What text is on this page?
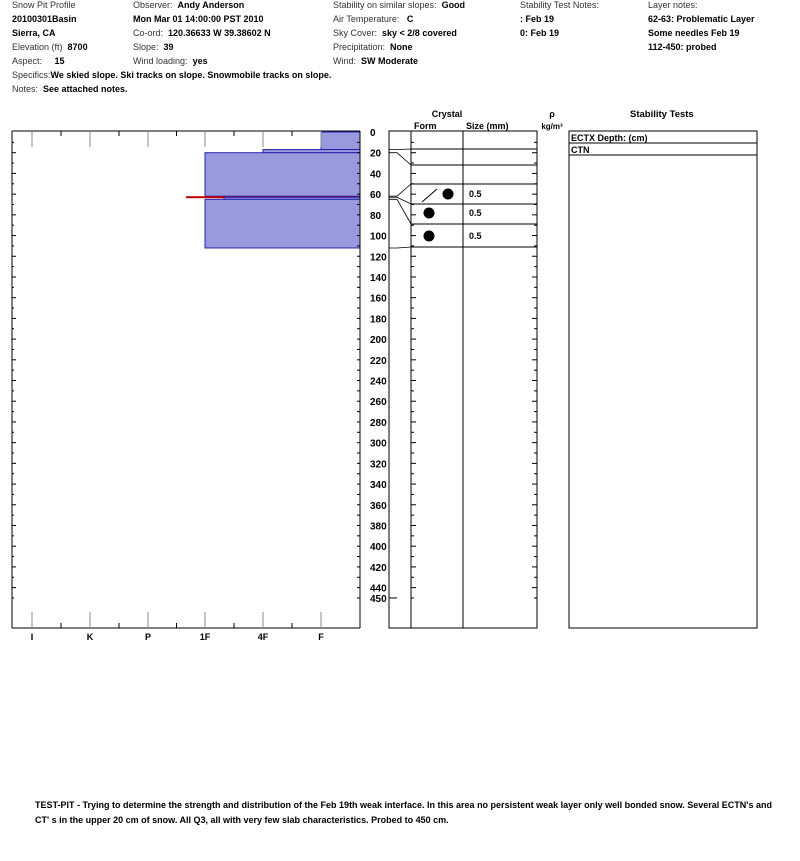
Snow Pit Profile
20100301Basin
Sierra, CA
Elevation (ft) 8700
Aspect: 15
Observer: Andy Anderson
Mon Mar 01 14:00:00 PST 2010
Co-ord: 120.36633 W 39.38602 N
Slope: 39
Wind loading: yes
Stability on similar slopes: Good
Air Temperature: C
Sky Cover: sky < 2/8 covered
Precipitation: None
Wind: SW Moderate
Stability Test Notes:
: Feb 19
0: Feb 19
Layer notes:
62-63: Problematic Layer
Some needles Feb 19
112-450: probed
Specifics:We skied slope. Ski tracks on slope. Snowmobile tracks on slope.
Notes: See attached notes.
I	K	P	1F	4F	F
0
20
40
60
80
100
120
140
160
180
200
220
240
260
280
300
320
340
360
380
400
420
440
450
Crystal
Form	Size (mm)
ρ
kg/m³
0.5
0.5
0.5
Stability Tests
ECTX Depth: (cm)
CTN
TEST-PIT - Trying to determine the strength and distribution of the Feb 19th weak interface. In this area no persistent weak layer only well bonded snow. Several ECTN's and CT' s in the upper 20 cm of snow. All Q3, all with very few slab characteristics. Probed to 450 cm.
